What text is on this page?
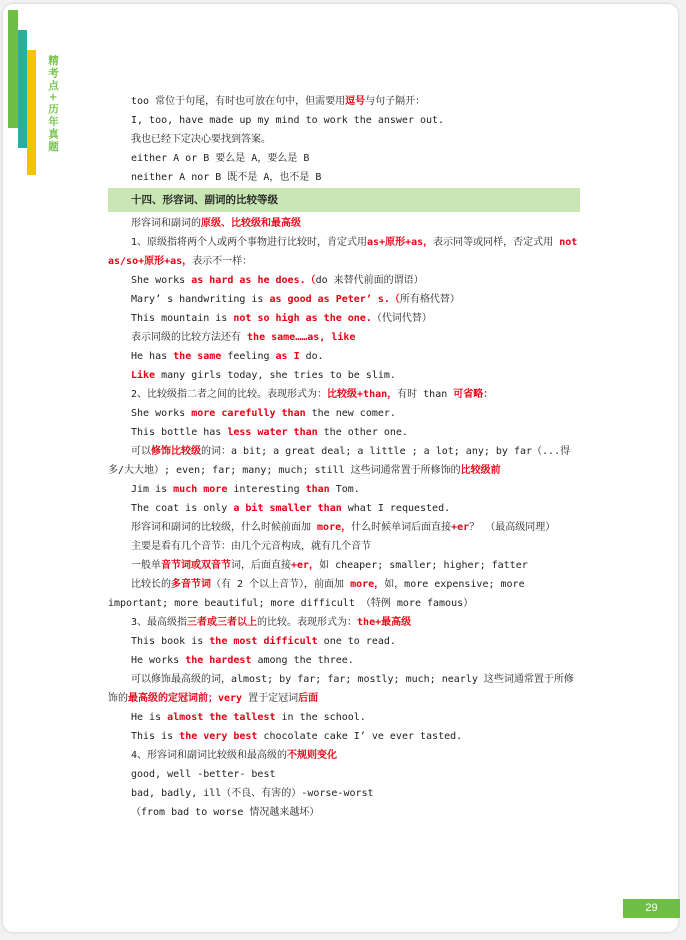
精考点+历年真题	too 常位于句尾，有时也可放在句中，但需要用逗号与句子隔开：
I, too, have made up my mind to work the answer out.
我也已经下定决心要找到答案。
either A or B 要么是 A，要么是 B
neither A nor B 既不是 A，也不是 B
十四、形容词、副词的比较等级
形容词和副词的原级、比较级和最高级
1、原级指将两个人或两个事物进行比较时，肯定式用as+原形+as，表示同等或同样，否定式用 not as/so+原形+as，表示不一样：
She works as hard as he does.（do 来替代前面的谓语）
Mary’ s handwriting is as good as Peter’ s.（所有格代替）
This mountain is not so high as the one.（代词代替）
表示同级的比较方法还有 the same……as, like
He has the same feeling as I do.
Like many girls today, she tries to be slim.
2、比较级指二者之间的比较。表现形式为：比较级+than，有时 than 可省略：
She works more carefully than the new comer.
This bottle has less water than the other one.
可以修饰比较级的词：a bit; a great deal; a little ; a lot; any; by far（...得多/大大地）; even; far; many; much; still 这些词通常置于所修饰的比较级前
Jim is much more interesting than Tom.
The coat is only a bit smaller than what I requested.
形容词和副词的比较级，什么时候前面加 more，什么时候单词后面直接+er？ （最高级同理）
主要是看有几个音节：由几个元音构成，就有几个音节
一般单音节词或双音节词，后面直接+er，如 cheaper; smaller; higher; fatter
比较长的多音节词（有 2 个以上音节），前面加 more，如，more expensive; more important; more beautiful; more difficult （特例 more famous）
3、最高级指三者或三者以上的比较。表现形式为：the+最高级
This book is the most difficult one to read.
He works the hardest among the three.
可以修饰最高级的词，almost; by far; far; mostly; much; nearly 这些词通常置于所修饰的最高级的定冠词前；very 置于定冠词后面
He is almost the tallest in the school.
This is the very best chocolate cake I’ ve ever tasted.
4、形容词和副词比较级和最高级的不规则变化
good, well -better- best
bad, badly, ill（不良、有害的）-worse-worst
（from bad to worse 情况越来越坏）
29
